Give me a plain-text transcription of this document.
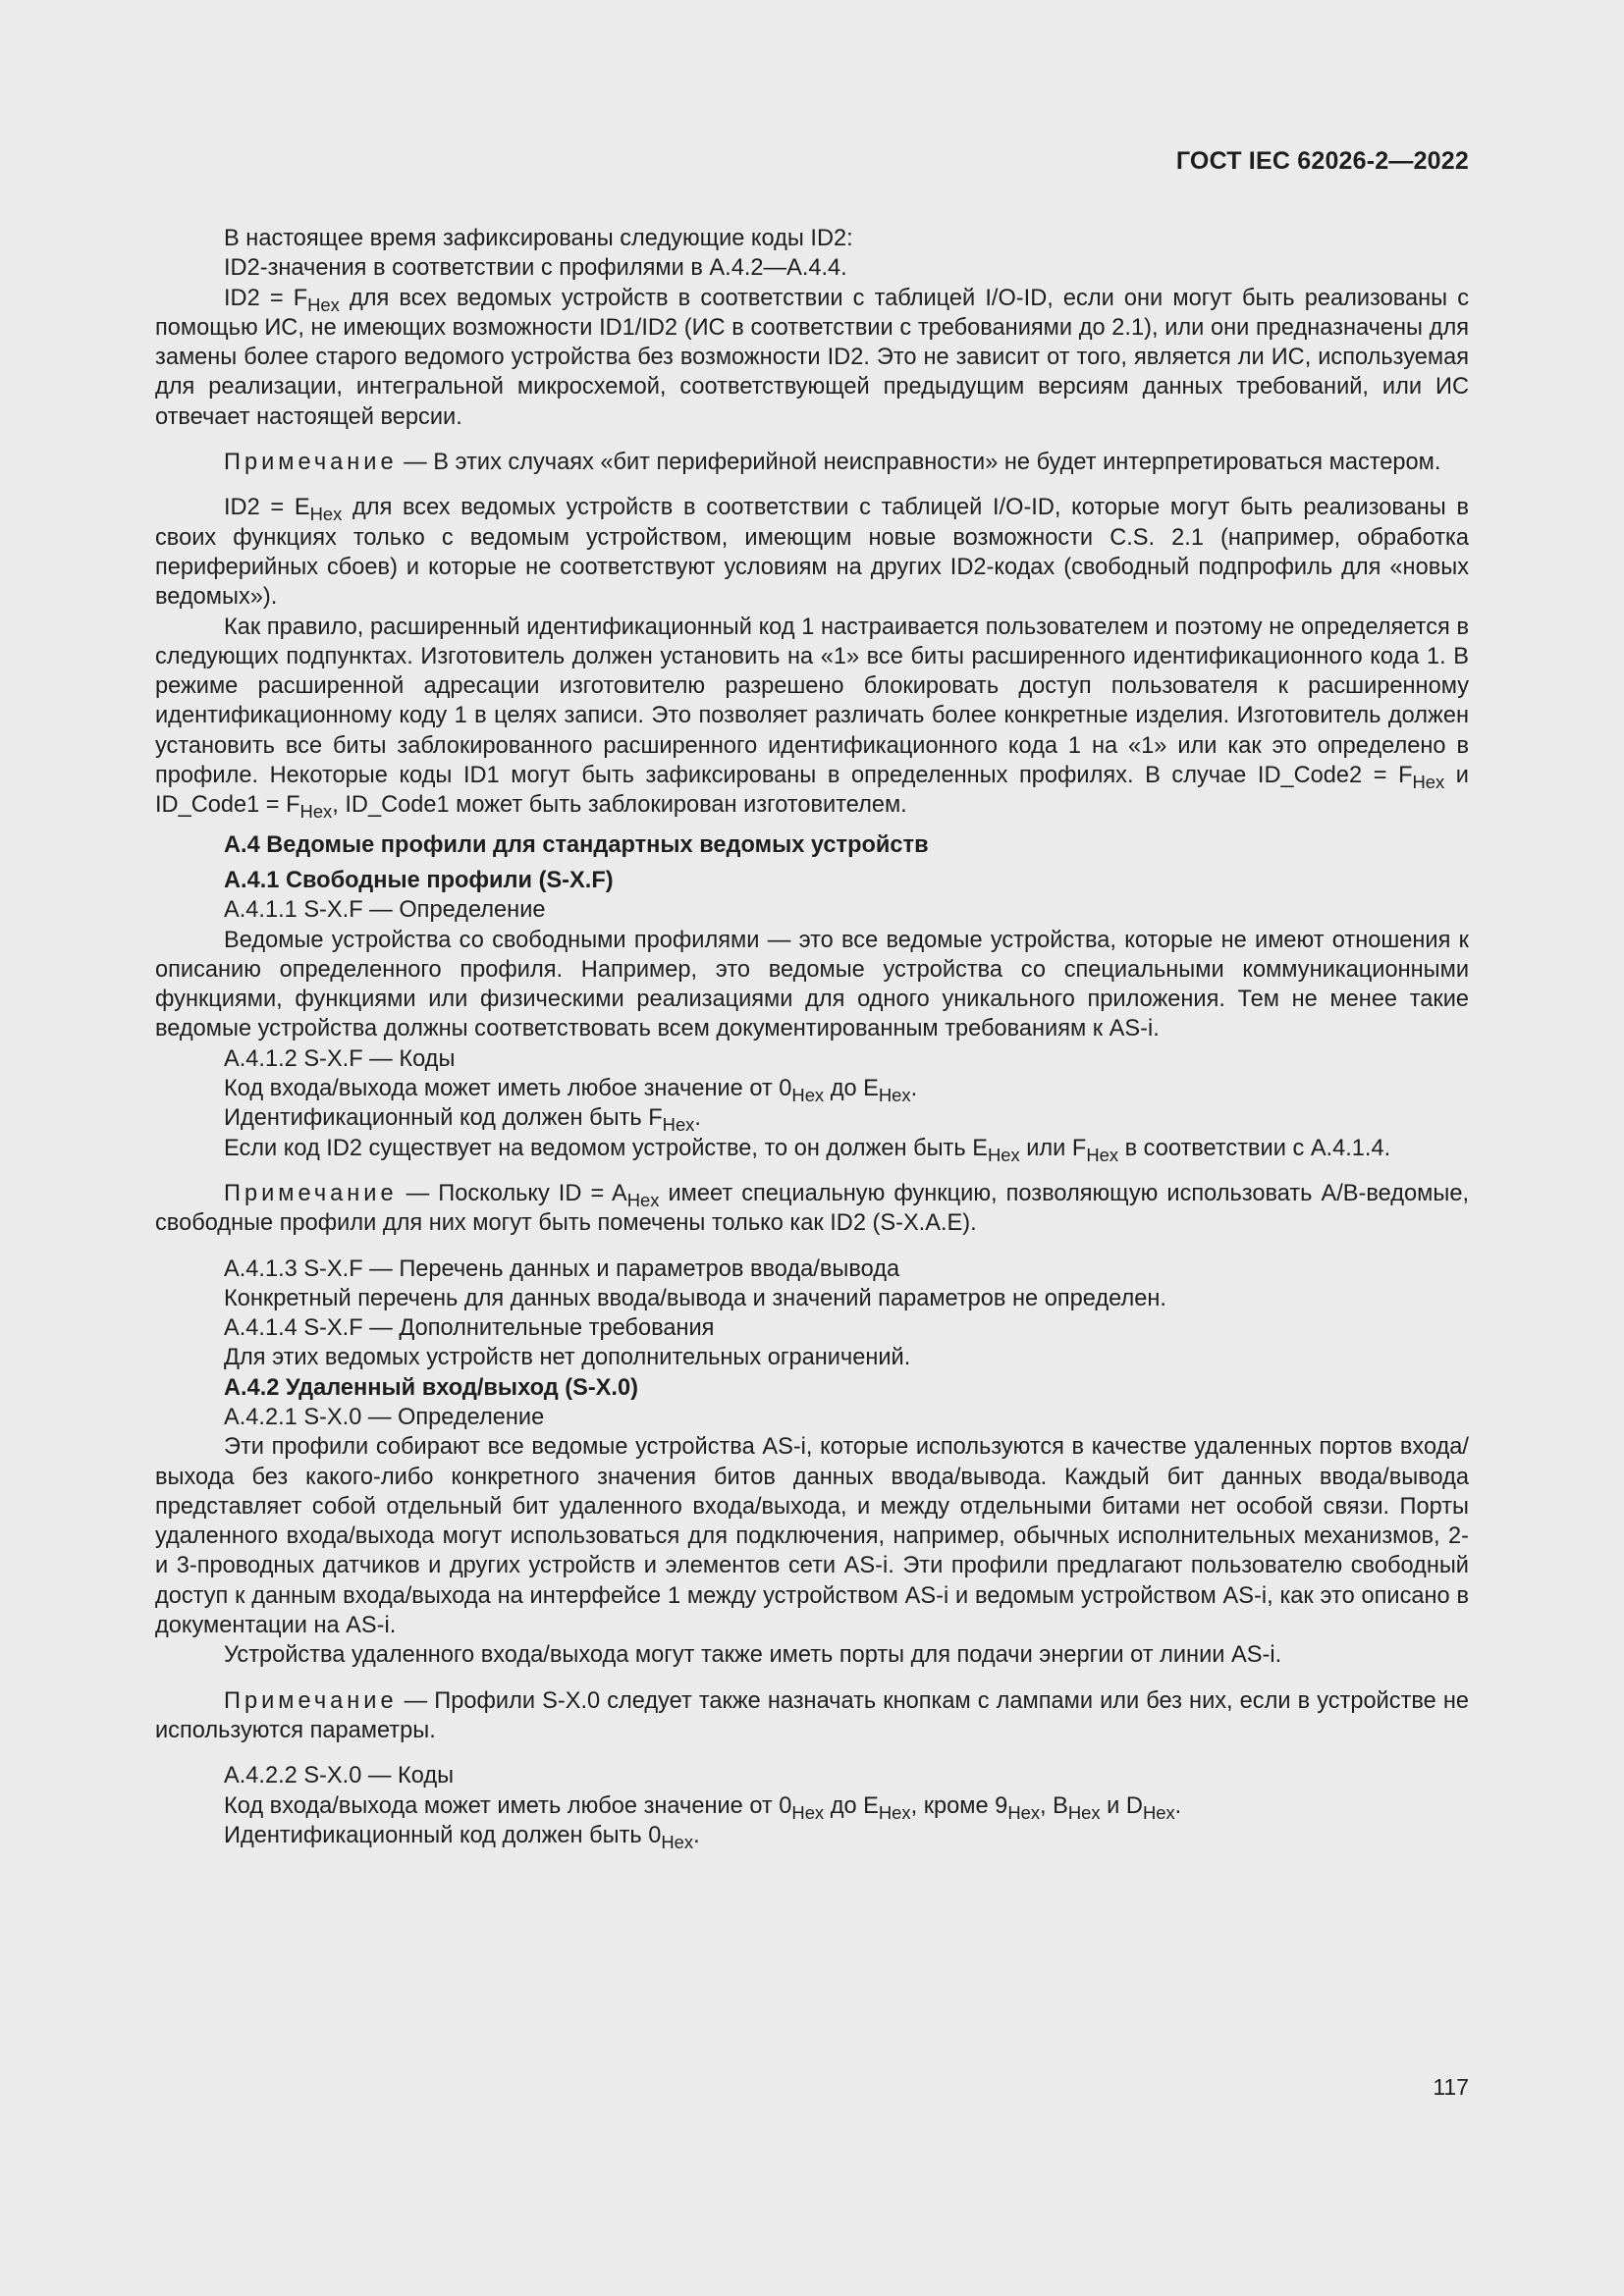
ГОСТ IEC 62026-2—2022

В настоящее время зафиксированы следующие коды ID2:

ID2-значения в соответствии с профилями в А.4.2—А.4.4.

$ID2 = F_{Hex}$ для всех ведомых устройств в соответствии с таблицей I/O-ID, если они могут быть реализованы с помощью ИС, не имеющих возможности ID1/ID2 (ИС в соответствии с требованиями до 2.1), или они предназначены для замены более старого ведомого устройства без возможности ID2. Это не зависит от того, является ли ИС, используемая для реализации, интегральной микросхемой, соответствующей предыдущим версиям данных требований, или ИС отвечает настоящей версии.

Примечание — В этих случаях «бит периферийной неисправности» не будет интерпретироваться мастером.

$ID2 = E_{Hex}$ для всех ведомых устройств в соответствии с таблицей I/O-ID, которые могут быть реализованы в своих функциях только с ведомым устройством, имеющим новые возможности C.S. 2.1 (например, обработка периферийных сбоев) и которые не соответствуют условиям на других ID2-кодах (свободный подпрофиль для «новых ведомых»).

Как правило, расширенный идентификационный код 1 настраивается пользователем и поэтому не определяется в следующих подпунктах. Изготовитель должен установить на «1» все биты расширенного идентификационного кода 1. В режиме расширенной адресации изготовителю разрешено блокировать доступ пользователя к расширенному идентификационному коду 1 в целях записи. Это позволяет различать более конкретные изделия. Изготовитель должен установить все биты заблокированного расширенного идентификационного кода 1 на «1» или как это определено в профиле. Некоторые коды ID1 могут быть зафиксированы в определенных профилях. В случае ID_Code2 = $F_{Hex}$ и ID_Code1 = $F_{Hex}$, ID_Code1 может быть заблокирован изготовителем.

А.4 Ведомые профили для стандартных ведомых устройств
А.4.1 Свободные профили (S-X.F)

А.4.1.1 S-X.F — Определение

Ведомые устройства со свободными профилями — это все ведомые устройства, которые не имеют отношения к описанию определенного профиля. Например, это ведомые устройства со специальными коммуникационными функциями, функциями или физическими реализациями для одного уникального приложения. Тем не менее такие ведомые устройства должны соответствовать всем документированным требованиям к AS-i.

А.4.1.2 S-X.F — Коды

Код входа/выхода может иметь любое значение от $0_{Hex}$ до $E_{Hex}$.

Идентификационный код должен быть $F_{Hex}$.

Если код ID2 существует на ведомом устройстве, то он должен быть $E_{Hex}$ или $F_{Hex}$ в соответствии с А.4.1.4.

Примечание — Поскольку ID = $A_{Hex}$ имеет специальную функцию, позволяющую использовать A/B-ведомые, свободные профили для них могут быть помечены только как ID2 (S-X.A.E).

А.4.1.3 S-X.F — Перечень данных и параметров ввода/вывода

Конкретный перечень для данных ввода/вывода и значений параметров не определен.

А.4.1.4 S-X.F — Дополнительные требования

Для этих ведомых устройств нет дополнительных ограничений.

А.4.2 Удаленный вход/выход (S-X.0)

А.4.2.1 S-X.0 — Определение

Эти профили собирают все ведомые устройства AS-i, которые используются в качестве удаленных портов входа/выхода без какого-либо конкретного значения битов данных ввода/вывода. Каждый бит данных ввода/вывода представляет собой отдельный бит удаленного входа/выхода, и между отдельными битами нет особой связи. Порты удаленного входа/выхода могут использоваться для подключения, например, обычных исполнительных механизмов, 2- и 3-проводных датчиков и других устройств и элементов сети AS-i. Эти профили предлагают пользователю свободный доступ к данным входа/выхода на интерфейсе 1 между устройством AS-i и ведомым устройством AS-i, как это описано в документации на AS-i.

Устройства удаленного входа/выхода могут также иметь порты для подачи энергии от линии AS-i.

Примечание — Профили S-X.0 следует также назначать кнопкам с лампами или без них, если в устройстве не используются параметры.

А.4.2.2 S-X.0 — Коды

Код входа/выхода может иметь любое значение от $0_{Hex}$ до $E_{Hex}$, кроме $9_{Hex}$, $B_{Hex}$ и $D_{Hex}$.

Идентификационный код должен быть $0_{Hex}$.

117
